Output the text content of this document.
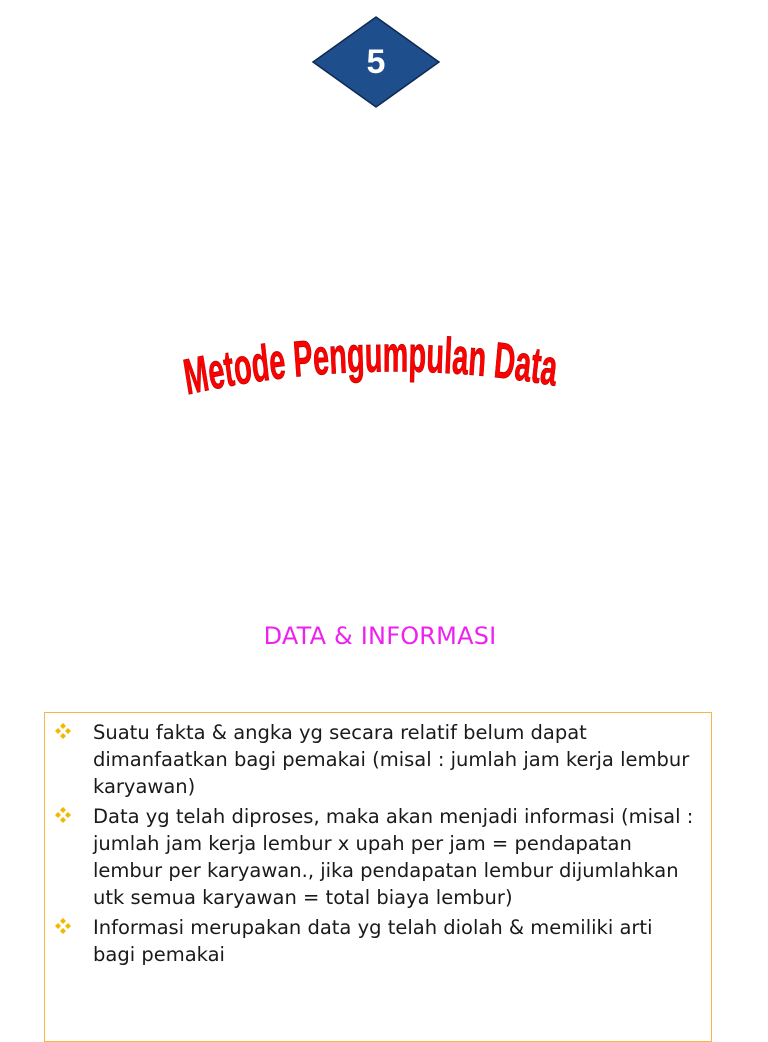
5
Metode Pengumpulan Data
DATA & INFORMASI
Suatu fakta & angka yg secara relatif belum dapat dimanfaatkan bagi pemakai (misal : jumlah jam kerja lembur karyawan)
Data yg telah diproses, maka akan menjadi informasi (misal : jumlah jam kerja lembur x upah per jam = pendapatan lembur per karyawan., jika pendapatan lembur dijumlahkan utk semua karyawan = total biaya lembur)
Informasi merupakan data yg telah diolah & memiliki arti bagi pemakai
